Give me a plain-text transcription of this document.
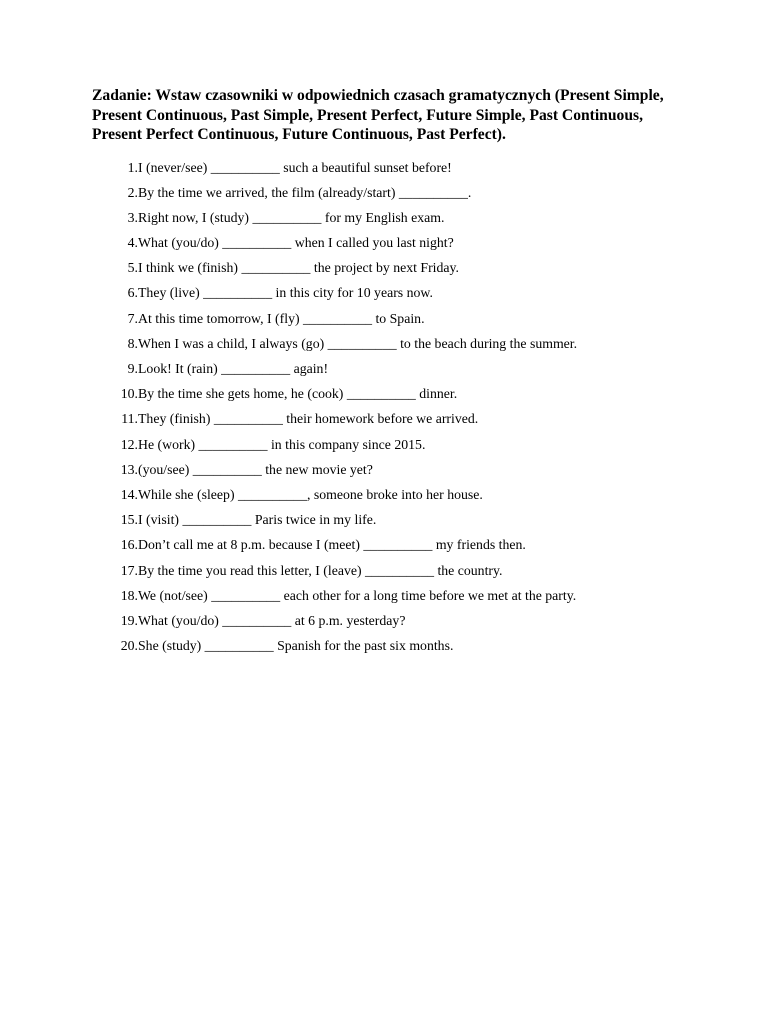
Zadanie: Wstaw czasowniki w odpowiednich czasach gramatycznych (Present Simple, Present Continuous, Past Simple, Present Perfect, Future Simple, Past Continuous, Present Perfect Continuous, Future Continuous, Past Perfect).
1. I (never/see) __________ such a beautiful sunset before!
2. By the time we arrived, the film (already/start) __________.
3. Right now, I (study) __________ for my English exam.
4. What (you/do) __________ when I called you last night?
5. I think we (finish) __________ the project by next Friday.
6. They (live) __________ in this city for 10 years now.
7. At this time tomorrow, I (fly) __________ to Spain.
8. When I was a child, I always (go) __________ to the beach during the summer.
9. Look! It (rain) __________ again!
10. By the time she gets home, he (cook) __________ dinner.
11. They (finish) __________ their homework before we arrived.
12. He (work) __________ in this company since 2015.
13. (you/see) __________ the new movie yet?
14. While she (sleep) __________, someone broke into her house.
15. I (visit) __________ Paris twice in my life.
16. Don’t call me at 8 p.m. because I (meet) __________ my friends then.
17. By the time you read this letter, I (leave) __________ the country.
18. We (not/see) __________ each other for a long time before we met at the party.
19. What (you/do) __________ at 6 p.m. yesterday?
20. She (study) __________ Spanish for the past six months.
